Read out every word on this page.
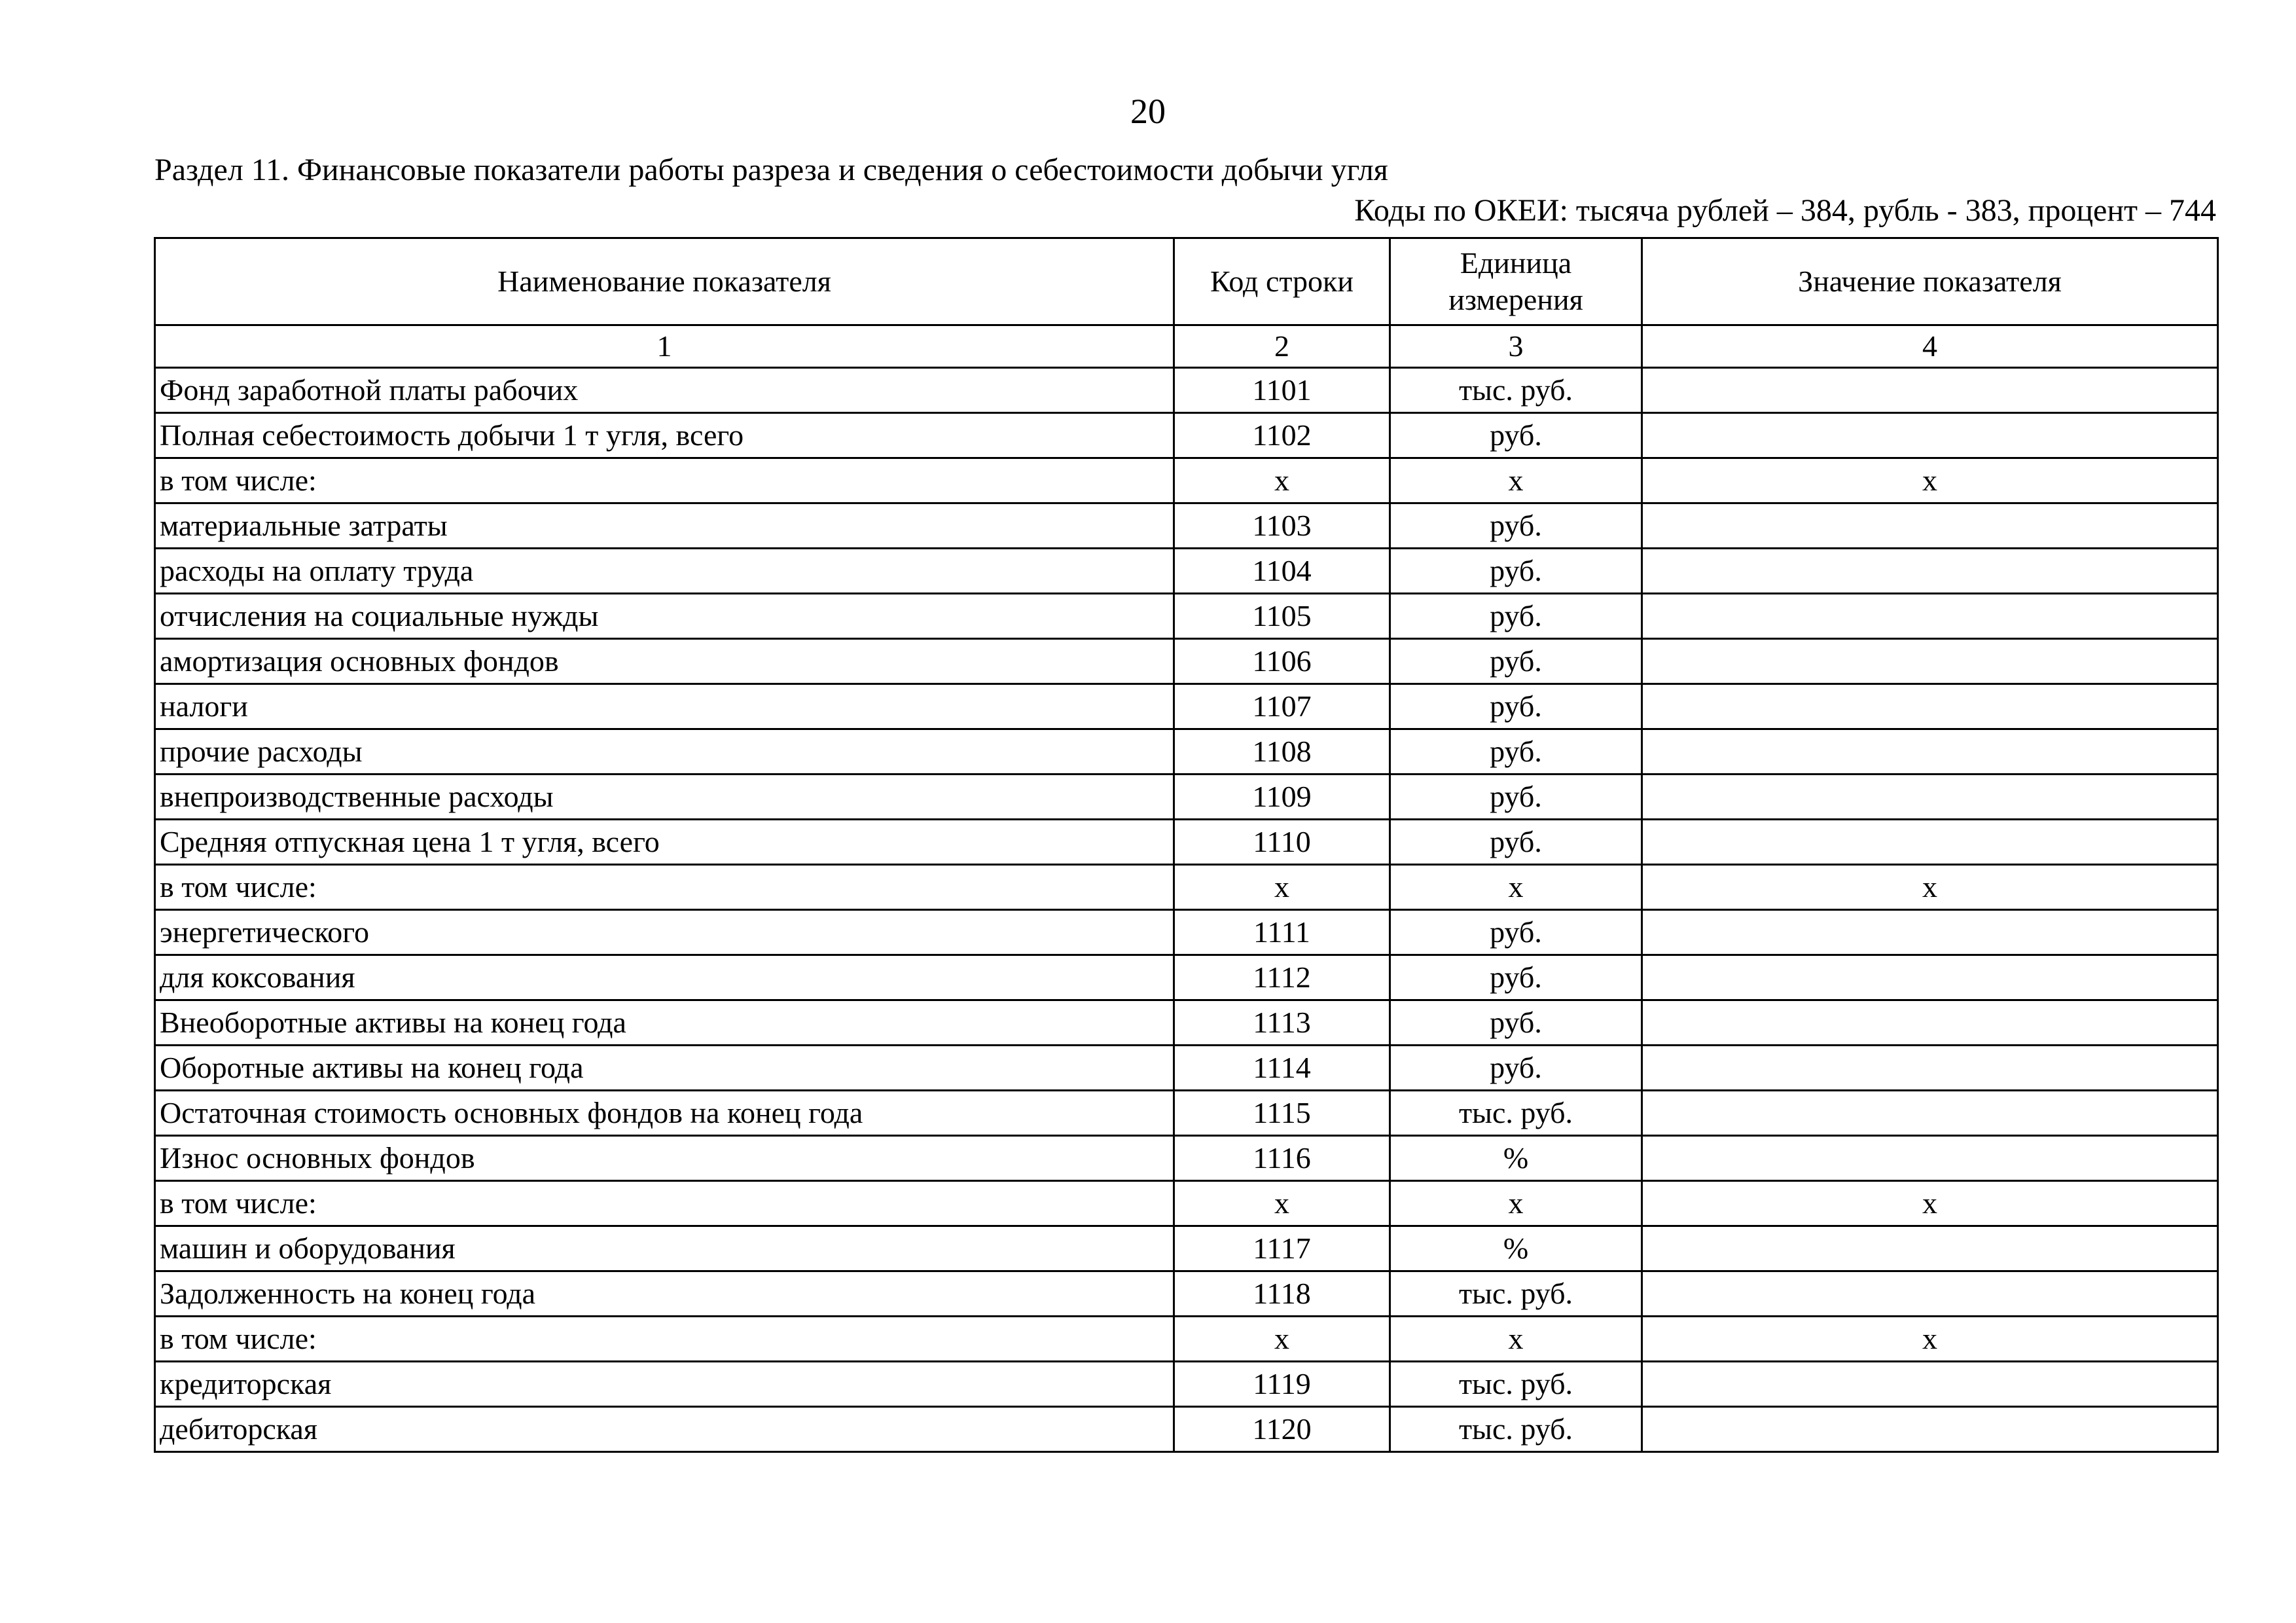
20
Раздел 11. Финансовые показатели работы разреза и сведения о себестоимости добычи угля
Коды по ОКЕИ: тысяча рублей – 384, рубль - 383, процент – 744
Наименование показателя	Код строки	Единица измерения	Значение показателя
1	2	3	4
Фонд заработной платы рабочих	1101	тыс. руб.	
Полная себестоимость добычи 1 т угля, всего	1102	руб.	
в том числе:	х	х	х
материальные затраты	1103	руб.	
расходы на оплату труда	1104	руб.	
отчисления на социальные нужды	1105	руб.	
амортизация основных фондов	1106	руб.	
налоги	1107	руб.	
прочие расходы	1108	руб.	
внепроизводственные расходы	1109	руб.	
Средняя отпускная цена 1 т угля, всего	1110	руб.	
в том числе:	х	х	х
энергетического	1111	руб.	
для коксования	1112	руб.	
Внеоборотные активы на конец года	1113	руб.	
Оборотные активы на конец года	1114	руб.	
Остаточная стоимость основных фондов на конец года	1115	тыс. руб.	
Износ основных фондов	1116	%	
в том числе:	х	х	х
машин и оборудования	1117	%	
Задолженность на конец года	1118	тыс. руб.	
в том числе:	х	х	х
кредиторская	1119	тыс. руб.	
дебиторская	1120	тыс. руб.	
